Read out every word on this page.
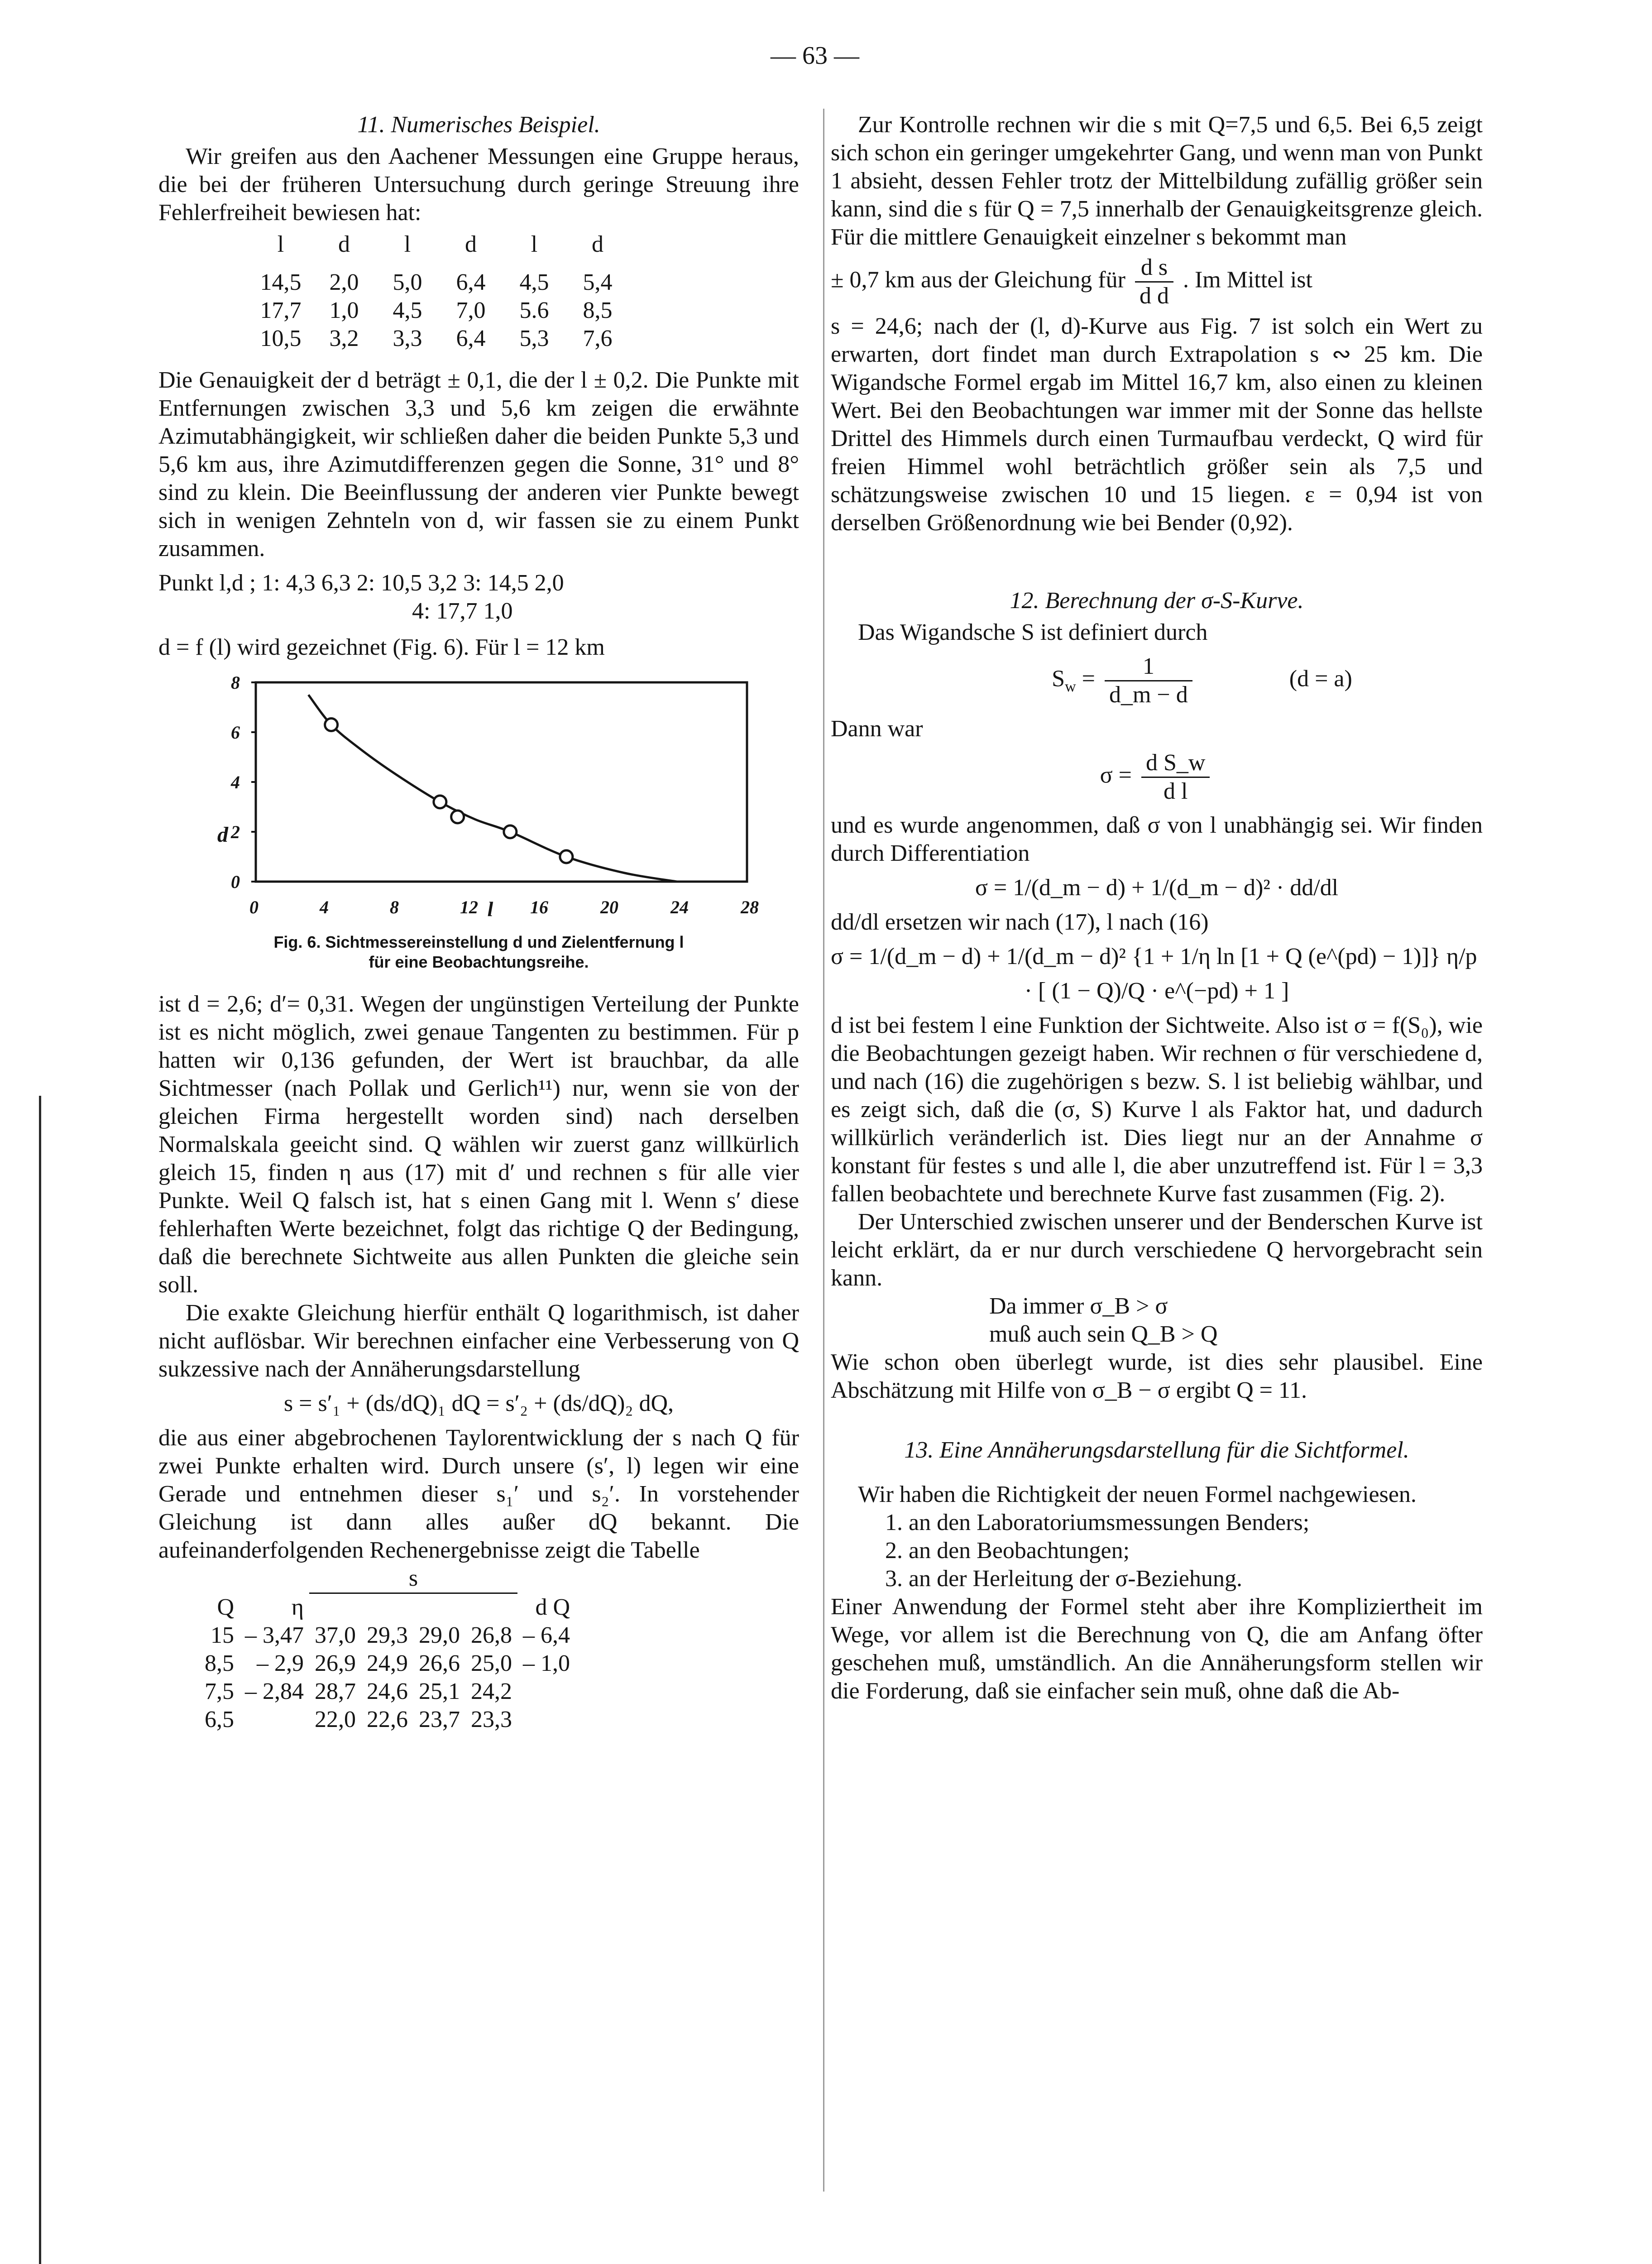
— 63 —
11. Numerisches Beispiel.

Wir greifen aus den Aachener Messungen eine Gruppe heraus, die bei der früheren Untersuchung durch geringe Streuung ihre Fehlerfreiheit bewiesen hat:

l	d	l	d	l	d

14,5	2,0	5,0	6,4	4,5	5,4
17,7	1,0	4,5	7,0	5.6	8,5
10,5	3,2	3,3	6,4	5,3	7,6

Die Genauigkeit der d beträgt ± 0,1, die der l ± 0,2. Die Punkte mit Entfernungen zwischen 3,3 und 5,6 km zeigen die erwähnte Azimutabhängigkeit, wir schließen daher die beiden Punkte 5,3 und 5,6 km aus, ihre Azimutdifferenzen gegen die Sonne, 31° und 8° sind zu klein. Die Beeinflussung der anderen vier Punkte bewegt sich in wenigen Zehnteln von d, wir fassen sie zu einem Punkt zusammen.

Punkt l,d ; 1: 4,3 6,3 2: 10,5 3,2 3: 14,5 2,0
4: 17,7 1,0

d = f (l) wird gezeichnet (Fig. 6). Für l = 12 km

0
2
4
6
8
0	4	8	12	16	20	24	28
l
d
Fig. 6. Sichtmessereinstellung d und Zielentfernung l
für eine Beobachtungsreihe.

ist d = 2,6; d′= 0,31. Wegen der ungünstigen Verteilung der Punkte ist es nicht möglich, zwei genaue Tangenten zu bestimmen. Für p hatten wir 0,136 gefunden, der Wert ist brauchbar, da alle Sichtmesser (nach Pollak und Gerlich¹¹) nur, wenn sie von der gleichen Firma hergestellt worden sind) nach derselben Normalskala geeicht sind. Q wählen wir zuerst ganz willkürlich gleich 15, finden η aus (17) mit d′ und rechnen s für alle vier Punkte. Weil Q falsch ist, hat s einen Gang mit l. Wenn s′ diese fehlerhaften Werte bezeichnet, folgt das richtige Q der Bedingung, daß die berechnete Sichtweite aus allen Punkten die gleiche sein soll.

Die exakte Gleichung hierfür enthält Q logarithmisch, ist daher nicht auflösbar. Wir berechnen einfacher eine Verbesserung von Q sukzessive nach der Annäherungsdarstellung

s = s′₁ + (ds/dQ)₁ dQ = s′₂ + (ds/dQ)₂ dQ,

die aus einer abgebrochenen Taylorentwicklung der s nach Q für zwei Punkte erhalten wird. Durch unsere (s′, l) legen wir eine Gerade und entnehmen dieser s₁′ und s₂′. In vorstehender Gleichung ist dann alles außer dQ bekannt. Die aufeinanderfolgenden Rechenergebnisse zeigt die Tabelle

		s				
Q	η					d Q
15	– 3,47	37,0	29,3	29,0	26,8	– 6,4
8,5	– 2,9	26,9	24,9	26,6	25,0	– 1,0
7,5	– 2,84	28,7	24,6	25,1	24,2	
6,5		22,0	22,6	23,7	23,3	

Zur Kontrolle rechnen wir die s mit Q=7,5 und 6,5. Bei 6,5 zeigt sich schon ein geringer umgekehrter Gang, und wenn man von Punkt 1 absieht, dessen Fehler trotz der Mittelbildung zufällig größer sein kann, sind die s für Q = 7,5 innerhalb der Genauigkeitsgrenze gleich. Für die mittlere Genauigkeit einzelner s bekommt man

± 0,7 km aus der Gleichung für $\frac{\text{d s}}{\text{d d}}$ . Im Mittel ist

s = 24,6; nach der (l, d)-Kurve aus Fig. 7 ist solch ein Wert zu erwarten, dort findet man durch Extrapolation s ∾ 25 km. Die Wigandsche Formel ergab im Mittel 16,7 km, also einen zu kleinen Wert. Bei den Beobachtungen war immer mit der Sonne das hellste Drittel des Himmels durch einen Turmaufbau verdeckt, Q wird für freien Himmel wohl beträchtlich größer sein als 7,5 und schätzungsweise zwischen 10 und 15 liegen. ε = 0,94 ist von derselben Größenordnung wie bei Bender (0,92).

12. Berechnung der σ-S-Kurve.

Das Wigandsche S ist definiert durch

$S_w = \frac{1}{d\_m - d}$	(d = a)

Dann war

$\sigma = \frac{\text{d S\_w}}{\text{d l}}$

und es wurde angenommen, daß σ von l unabhängig sei. Wir finden durch Differentiation

σ = 1/(d_m − d) + 1/(d_m − d)² · dd/dl

dd/dl ersetzen wir nach (17), l nach (16)

σ = 1/(d_m − d) + 1/(d_m − d)² {1 + 1/η ln [1 + Q (e^(pd) − 1)]} η/p
· [ (1 − Q)/Q · e^(−pd) + 1 ]

d ist bei festem l eine Funktion der Sichtweite. Also ist σ = f(S₀), wie die Beobachtungen gezeigt haben. Wir rechnen σ für verschiedene d, und nach (16) die zugehörigen s bezw. S. l ist beliebig wählbar, und es zeigt sich, daß die (σ, S) Kurve l als Faktor hat, und dadurch willkürlich veränderlich ist. Dies liegt nur an der Annahme σ konstant für festes s und alle l, die aber unzutreffend ist. Für l = 3,3 fallen beobachtete und berechnete Kurve fast zusammen (Fig. 2).

Der Unterschied zwischen unserer und der Benderschen Kurve ist leicht erklärt, da er nur durch verschiedene Q hervorgebracht sein kann.

Da immer σ_B > σ
muß auch sein Q_B > Q

Wie schon oben überlegt wurde, ist dies sehr plausibel. Eine Abschätzung mit Hilfe von σ_B − σ ergibt Q = 11.

13. Eine Annäherungsdarstellung für die Sichtformel.

Wir haben die Richtigkeit der neuen Formel nachgewiesen.

1. an den Laboratoriumsmessungen Benders;
2. an den Beobachtungen;
3. an der Herleitung der σ-Beziehung.

Einer Anwendung der Formel steht aber ihre Kompliziertheit im Wege, vor allem ist die Berechnung von Q, die am Anfang öfter geschehen muß, umständlich. An die Annäherungsform stellen wir die Forderung, daß sie einfacher sein muß, ohne daß die Ab-
